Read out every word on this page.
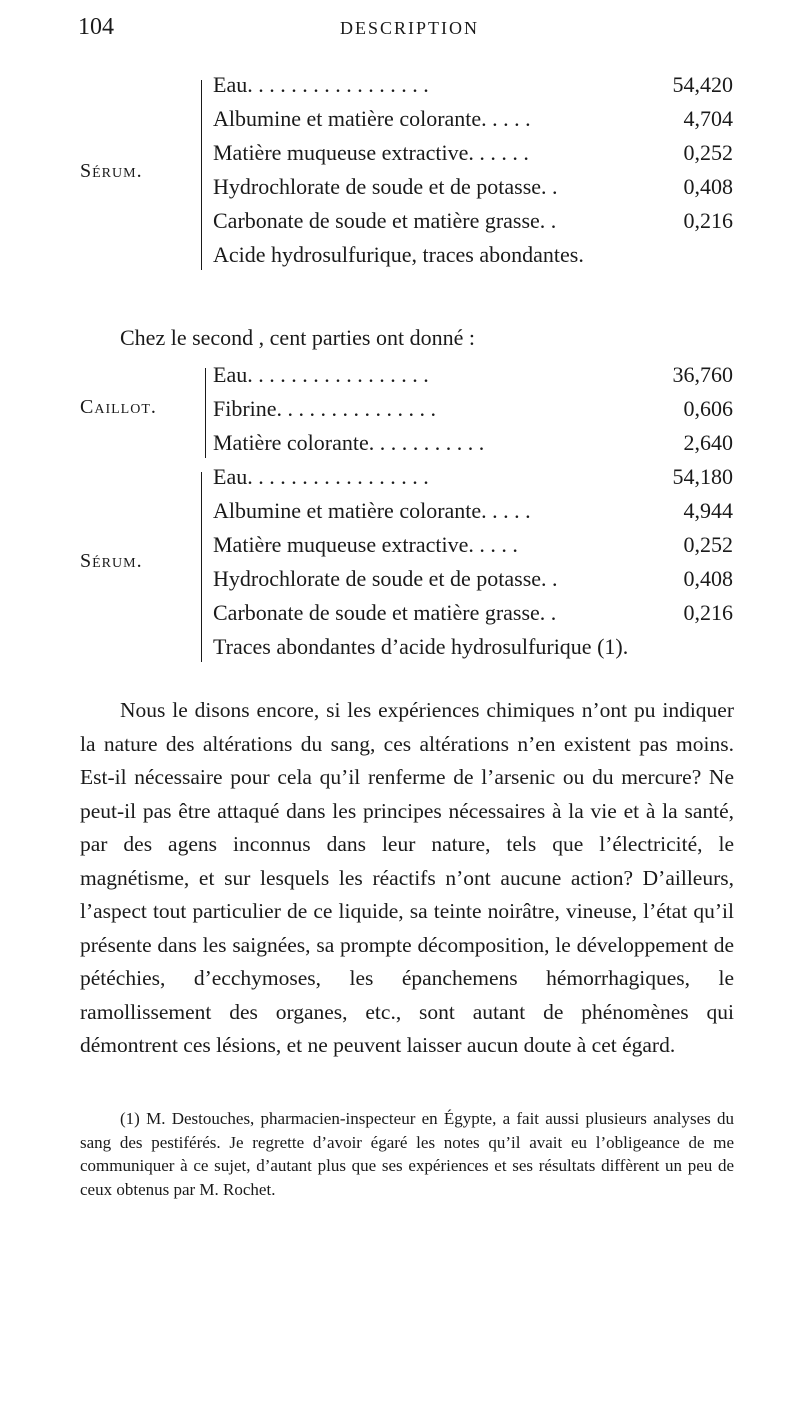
104	DESCRIPTION
Sérum.
Eau. . . . . . . . . . . . . . . . .	54,420
Albumine et matière colorante. . . . .	4,704
Matière muqueuse extractive. . . . . .	0,252
Hydrochlorate de soude et de potasse. .	0,408
Carbonate de soude et matière grasse. .	0,216
Acide hydrosulfurique, traces abondantes.
Chez le second , cent parties ont donné :
Caillot.
Eau. . . . . . . . . . . . . . . . .	36,760
Fibrine. . . . . . . . . . . . . . .	0,606
Matière colorante. . . . . . . . . . .	2,640
Sérum.
Eau. . . . . . . . . . . . . . . . .	54,180
Albumine et matière colorante. . . . .	4,944
Matière muqueuse extractive. . . . .	0,252
Hydrochlorate de soude et de potasse. .	0,408
Carbonate de soude et matière grasse. .	0,216
Traces abondantes d’acide hydrosulfurique (1).
Nous le disons encore, si les expériences chimiques n’ont pu indiquer la nature des altérations du sang, ces altérations n’en existent pas moins. Est-il nécessaire pour cela qu’il renferme de l’arsenic ou du mercure? Ne peut-il pas être attaqué dans les principes nécessaires à la vie et à la santé, par des agens inconnus dans leur nature, tels que l’électricité, le magnétisme, et sur lesquels les réactifs n’ont aucune action? D’ailleurs, l’aspect tout particulier de ce liquide, sa teinte noirâtre, vineuse, l’état qu’il présente dans les saignées, sa prompte décomposition, le développement de pétéchies, d’ecchymoses, les épanchemens hémorrhagiques, le ramollissement des organes, etc., sont autant de phénomènes qui démontrent ces lésions, et ne peuvent laisser aucun doute à cet égard.
(1) M. Destouches, pharmacien-inspecteur en Égypte, a fait aussi plusieurs analyses du sang des pestiférés. Je regrette d’avoir égaré les notes qu’il avait eu l’obligeance de me communiquer à ce sujet, d’autant plus que ses expériences et ses résultats diffèrent un peu de ceux obtenus par M. Rochet.
